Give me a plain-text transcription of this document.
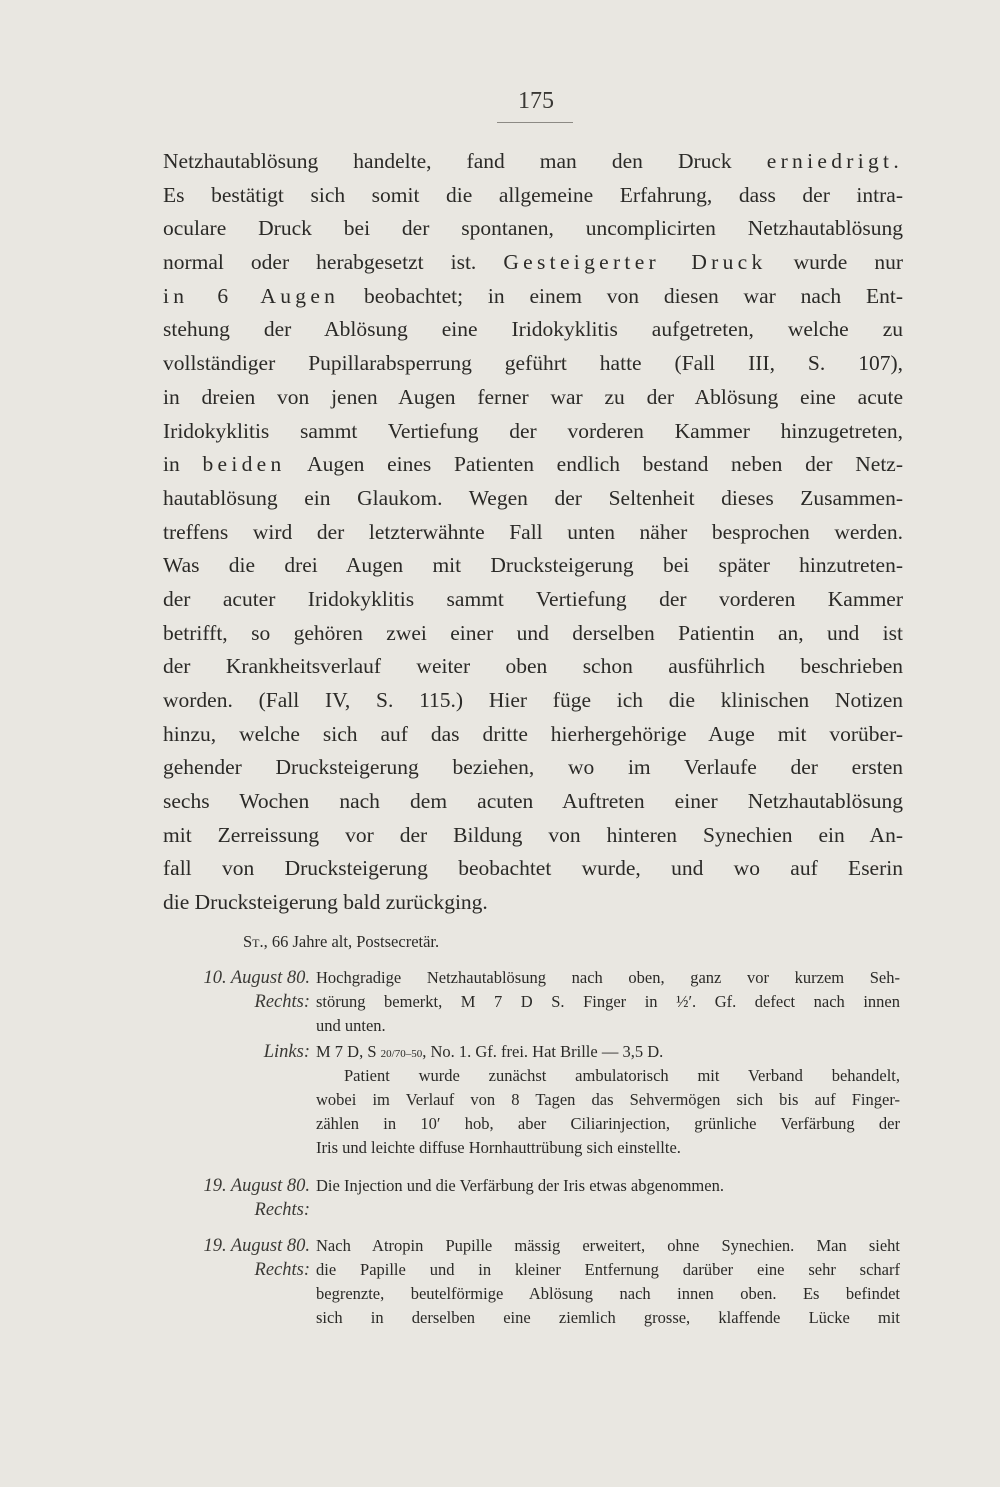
175
Netzhautablösung handelte, fand man den Druck erniedrigt.
Es bestätigt sich somit die allgemeine Erfahrung, dass der intra-
oculare Druck bei der spontanen, uncomplicirten Netzhautablösung
normal oder herabgesetzt ist. Gesteigerter Druck wurde nur
in 6 Augen beobachtet; in einem von diesen war nach Ent-
stehung der Ablösung eine Iridokyklitis aufgetreten, welche zu
vollständiger Pupillarabsperrung geführt hatte (Fall III, S. 107),
in dreien von jenen Augen ferner war zu der Ablösung eine acute
Iridokyklitis sammt Vertiefung der vorderen Kammer hinzugetreten,
in beiden Augen eines Patienten endlich bestand neben der Netz-
hautablösung ein Glaukom. Wegen der Seltenheit dieses Zusammen-
treffens wird der letzterwähnte Fall unten näher besprochen werden.
Was die drei Augen mit Drucksteigerung bei später hinzutreten-
der acuter Iridokyklitis sammt Vertiefung der vorderen Kammer
betrifft, so gehören zwei einer und derselben Patientin an, und ist
der Krankheitsverlauf weiter oben schon ausführlich beschrieben
worden. (Fall IV, S. 115.) Hier füge ich die klinischen Notizen
hinzu, welche sich auf das dritte hierhergehörige Auge mit vorüber-
gehender Drucksteigerung beziehen, wo im Verlaufe der ersten
sechs Wochen nach dem acuten Auftreten einer Netzhautablösung
mit Zerreissung vor der Bildung von hinteren Synechien ein An-
fall von Drucksteigerung beobachtet wurde, und wo auf Eserin
die Drucksteigerung bald zurückging.
St., 66 Jahre alt, Postsecretär.
10. August 80.
Rechts:
Hochgradige Netzhautablösung nach oben, ganz vor kurzem Seh-
störung bemerkt, M 7 D S. Finger in ½′. Gf. defect nach innen
und unten.
Links: M 7 D, S 20/70–50, No. 1. Gf. frei. Hat Brille — 3,5 D.
Patient wurde zunächst ambulatorisch mit Verband behandelt,
wobei im Verlauf von 8 Tagen das Sehvermögen sich bis auf Finger-
zählen in 10′ hob, aber Ciliarinjection, grünliche Verfärbung der
Iris und leichte diffuse Hornhauttrübung sich einstellte.
19. August 80.
Rechts:
Die Injection und die Verfärbung der Iris etwas abgenommen.
19. August 80.
Rechts:
Nach Atropin Pupille mässig erweitert, ohne Synechien. Man sieht
die Papille und in kleiner Entfernung darüber eine sehr scharf
begrenzte, beutelförmige Ablösung nach innen oben. Es befindet
sich in derselben eine ziemlich grosse, klaffende Lücke mit
